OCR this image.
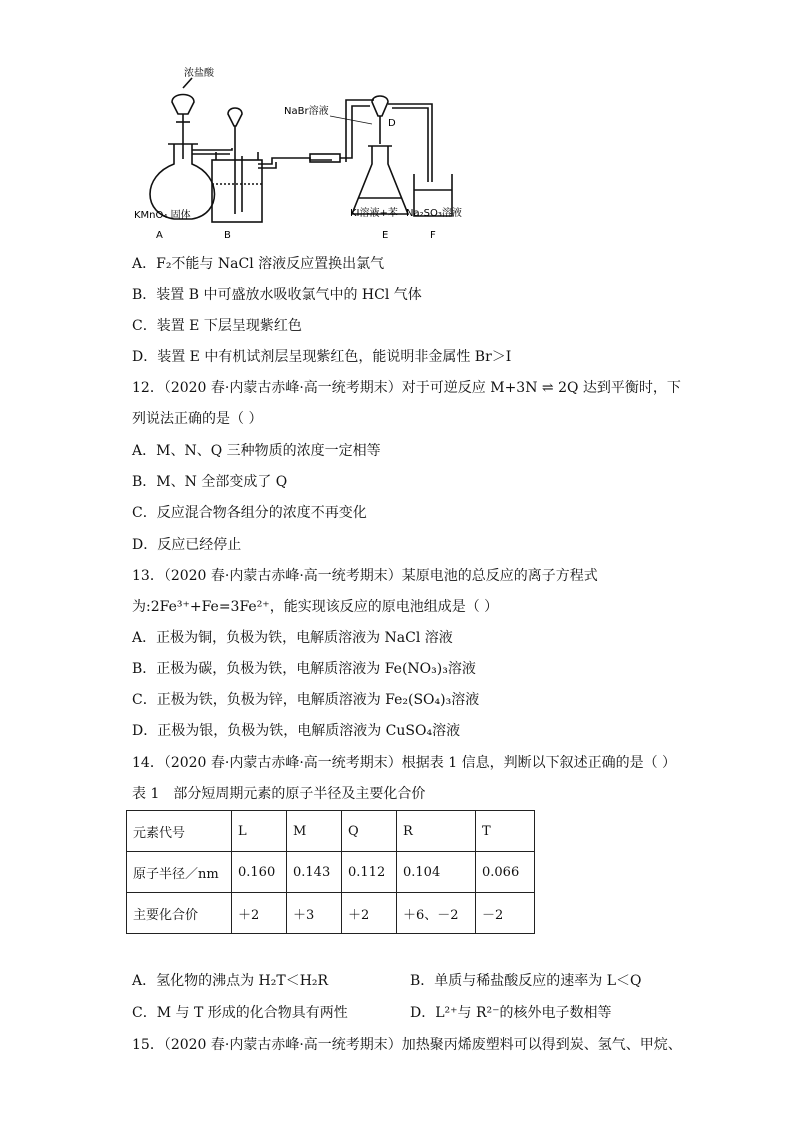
浓盐酸
NaBr溶液
D
KMnO₄ 固体	KI溶液+苯 Na₂SO₃溶液
A	B	E	F
A．F₂不能与 NaCl 溶液反应置换出氯气
B．装置 B 中可盛放水吸收氯气中的 HCl 气体
C．装置 E 下层呈现紫红色
D．装置 E 中有机试剂层呈现紫红色，能说明非金属性 Br＞I
12．（2020 春·内蒙古赤峰·高一统考期末）对于可逆反应 M+3N ⇌ 2Q 达到平衡时，下
列说法正确的是（ ）
A．M、N、Q 三种物质的浓度一定相等
B．M、N 全部变成了 Q
C．反应混合物各组分的浓度不再变化
D．反应已经停止
13．（2020 春·内蒙古赤峰·高一统考期末）某原电池的总反应的离子方程式
为:2Fe³⁺+Fe=3Fe²⁺，能实现该反应的原电池组成是（ ）
A．正极为铜，负极为铁，电解质溶液为 NaCl 溶液
B．正极为碳，负极为铁，电解质溶液为 Fe(NO₃)₃溶液
C．正极为铁，负极为锌，电解质溶液为 Fe₂(SO₄)₃溶液
D．正极为银，负极为铁，电解质溶液为 CuSO₄溶液
14．（2020 春·内蒙古赤峰·高一统考期末）根据表 1 信息，判断以下叙述正确的是（ ）
表 1　部分短周期元素的原子半径及主要化合价
元素代号	L	M	Q	R	T
原子半径／nm	0.160	0.143	0.112	0.104	0.066
主要化合价	＋2	＋3	＋2	＋6、－2	－2
A．氢化物的沸点为 H₂T＜H₂R	B．单质与稀盐酸反应的速率为 L＜Q
C．M 与 T 形成的化合物具有两性	D．L²⁺与 R²⁻的核外电子数相等
15．（2020 春·内蒙古赤峰·高一统考期末）加热聚丙烯废塑料可以得到炭、氢气、甲烷、
